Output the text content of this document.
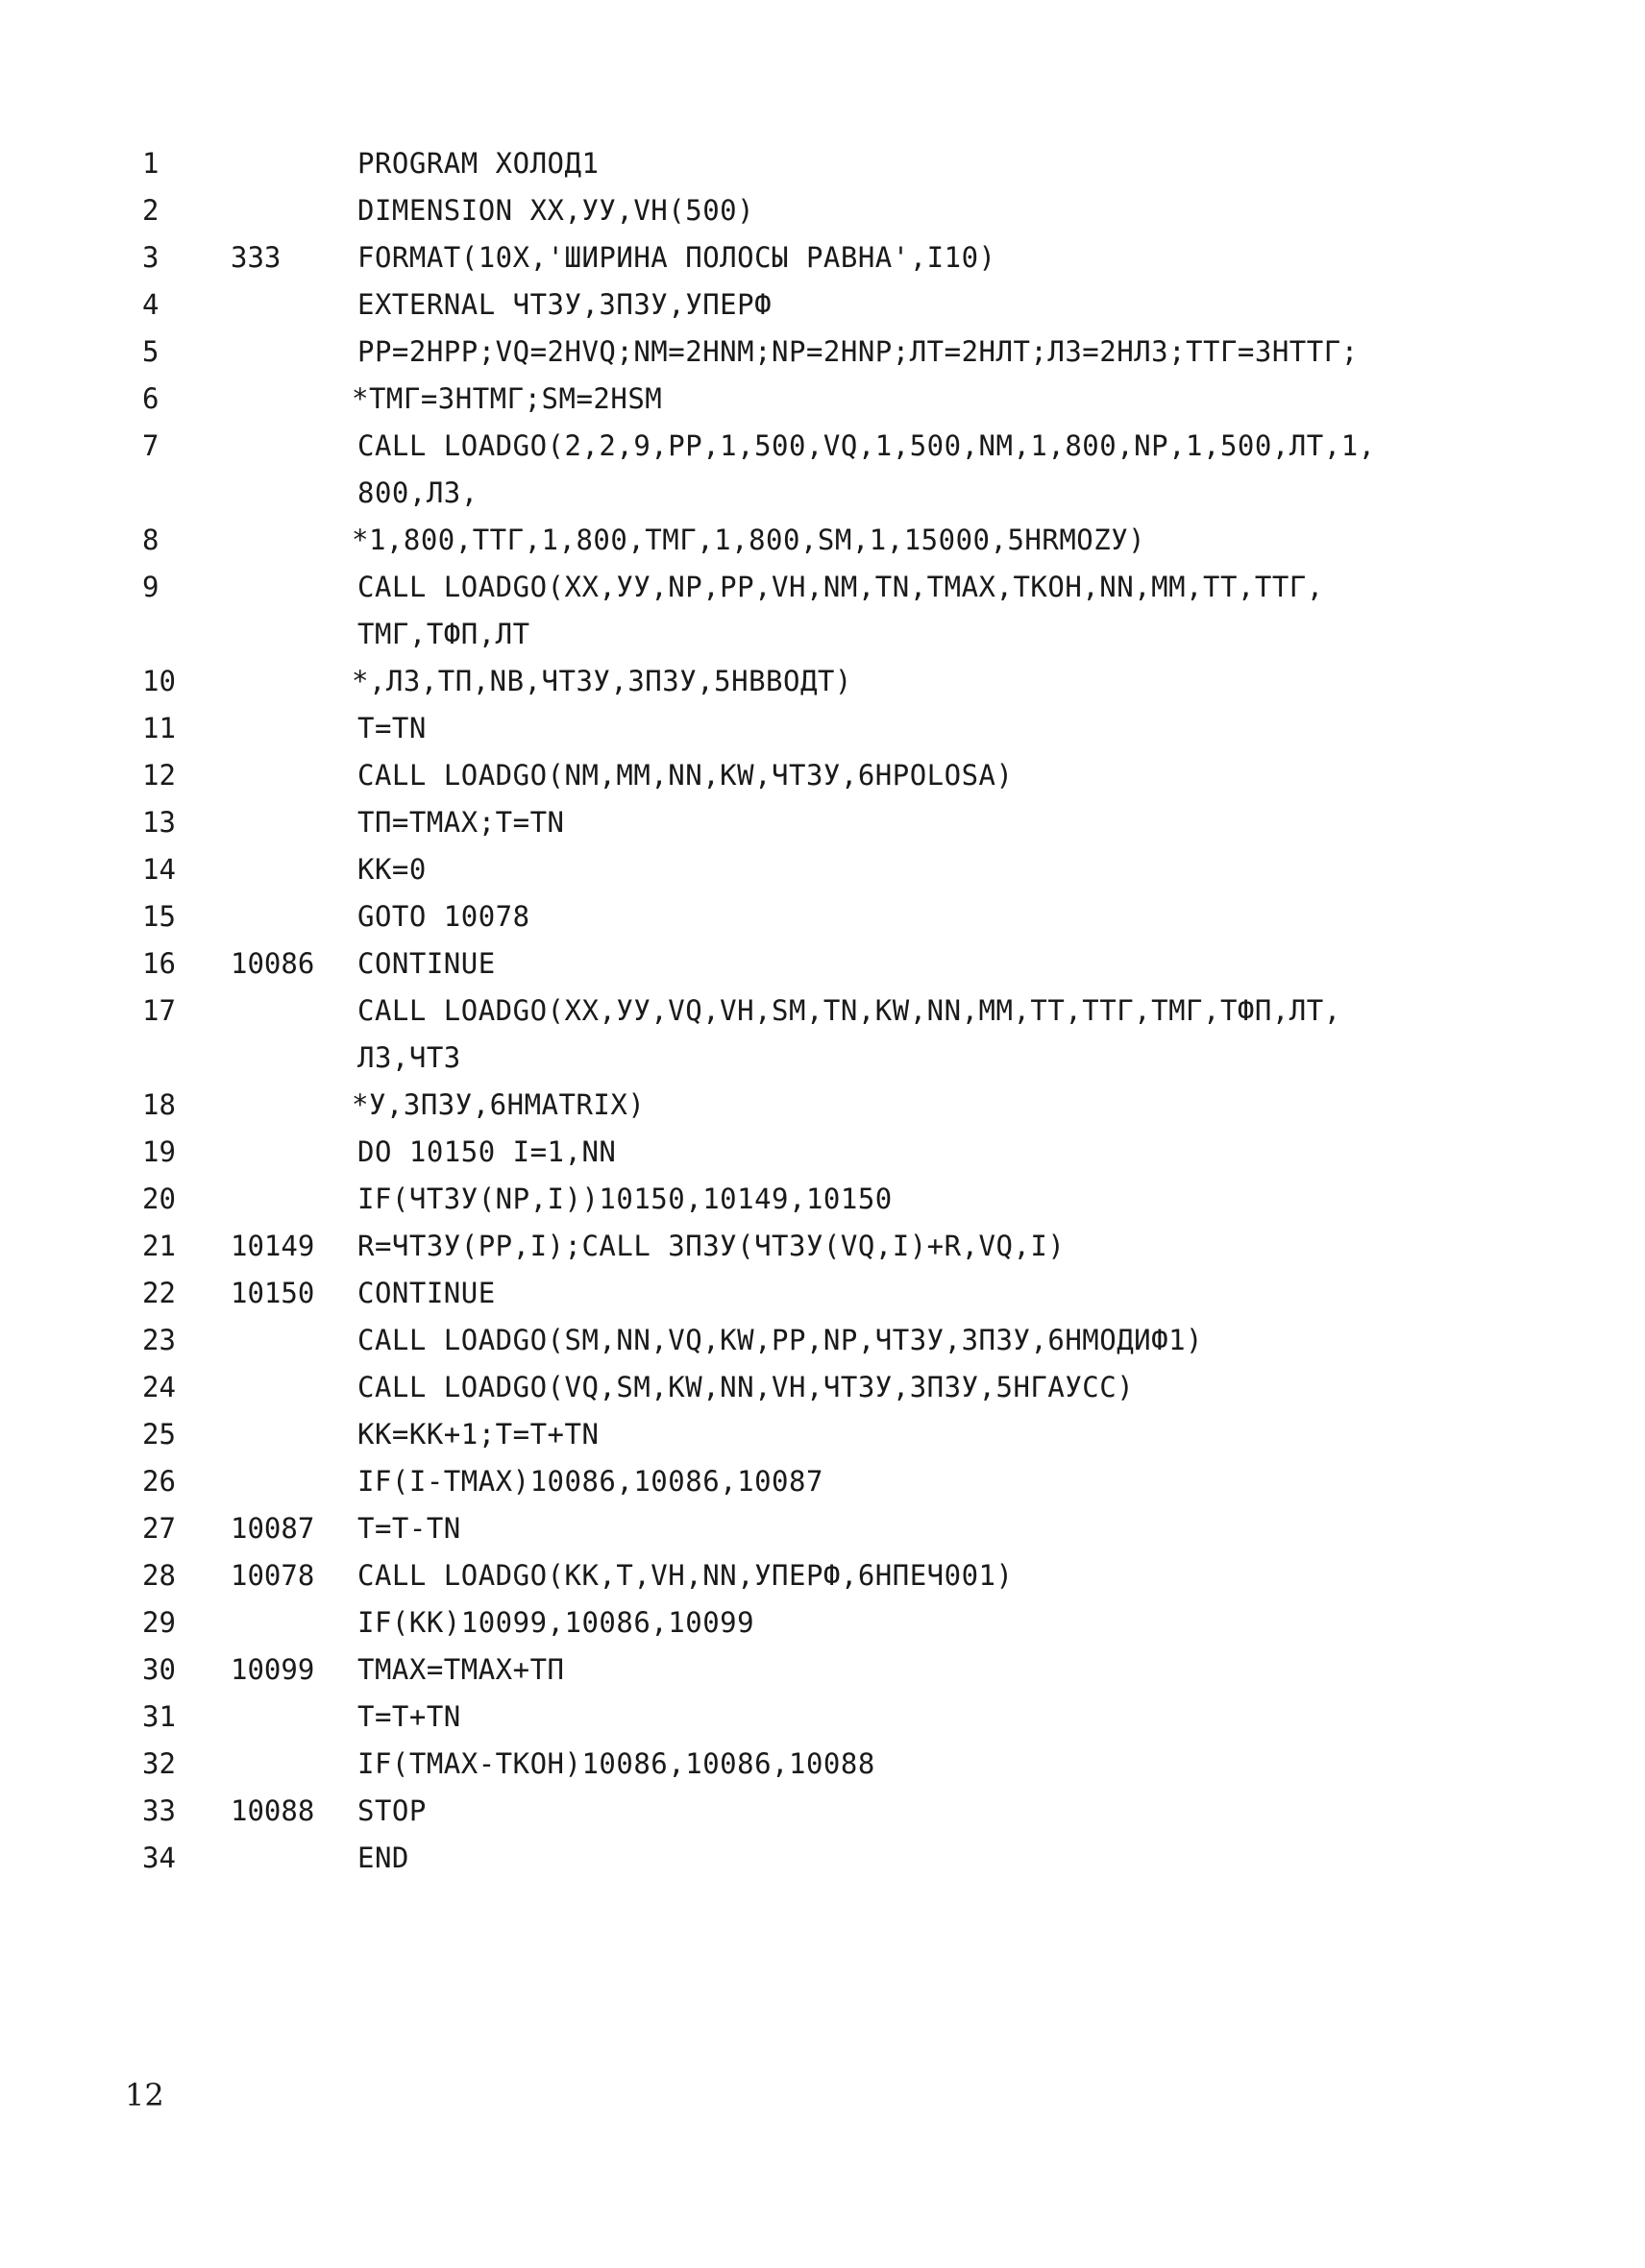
1	PROGRAM ХОЛОД1
2	DIMENSION XX,УУ,VH(500)
3	333	FORMAT(10X,'ШИРИНА ПОЛОСЫ РАВНА',I10)
4	EXTERNAL ЧТЗУ,ЗПЗУ,УПЕРФ
5	PP=2HPP;VQ=2HVQ;NM=2HNM;NP=2HNP;ЛТ=2HЛТ;ЛЗ=2HЛЗ;ТТГ=3HТТГ;
6	*ТМГ=3HТМГ;SM=2HSM
7	CALL LOADGO(2,2,9,PP,1,500,VQ,1,500,NM,1,800,NP,1,500,ЛТ,1,
800,ЛЗ,
8	*1,800,ТТГ,1,800,ТМГ,1,800,SM,1,15000,5HRMOZУ)
9	CALL LOADGO(XX,УУ,NP,PP,VH,NM,TN,TMAX,TKOH,NN,MM,TT,ТТГ,
ТМГ,ТФП,ЛТ
10	*,ЛЗ,ТП,NB,ЧТЗУ,ЗПЗУ,5HВВОДТ)
11	T=TN
12	CALL LOADGO(NM,MM,NN,KW,ЧТЗУ,6HPOLOSA)
13	ТП=TMAX;T=TN
14	KK=0
15	GOTO 10078
16	10086	CONTINUE
17	CALL LOADGO(XX,УУ,VQ,VH,SM,TN,KW,NN,MM,TT,ТТГ,ТМГ,ТФП,ЛТ,
ЛЗ,ЧТЗ
18	*У,ЗПЗУ,6HMATRIX)
19	DO 10150 I=1,NN
20	IF(ЧТЗУ(NP,I))10150,10149,10150
21	10149	R=ЧТЗУ(PP,I);CALL ЗПЗУ(ЧТЗУ(VQ,I)+R,VQ,I)
22	10150	CONTINUE
23	CALL LOADGO(SM,NN,VQ,KW,PP,NP,ЧТЗУ,ЗПЗУ,6HМОДИФ1)
24	CALL LOADGO(VQ,SM,KW,NN,VH,ЧТЗУ,ЗПЗУ,5HГАУСС)
25	KK=KK+1;T=T+TN
26	IF(I-TMAX)10086,10086,10087
27	10087	T=T-TN
28	10078	CALL LOADGO(KK,T,VH,NN,УПЕРФ,6HПЕЧ001)
29	IF(KK)10099,10086,10099
30	10099	TMAX=TMAX+ТП
31	T=T+TN
32	IF(TMAX-TKOH)10086,10086,10088
33	10088	STOP
34	END
12
